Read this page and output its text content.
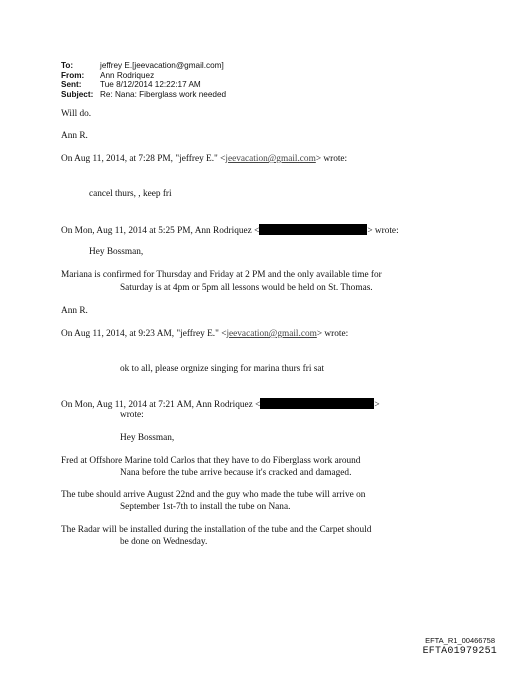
To:	jeffrey E.[jeevacation@gmail.com]
From:	Ann Rodriquez
Sent:	Tue 8/12/2014 12:22:17 AM
Subject: Re: Nana: Fiberglass work needed
Will do.
Ann R.
On Aug 11, 2014, at 7:28 PM, "jeffrey E." <jeevacation@gmail.com> wrote:
cancel thurs, , keep fri
On Mon, Aug 11, 2014 at 5:25 PM, Ann Rodriquez <	> wrote:
Hey Bossman,
Mariana is confirmed for Thursday and Friday at 2 PM and the only available time for
Saturday is at 4pm or 5pm all lessons would be held on St. Thomas.
Ann R.
On Aug 11, 2014, at 9:23 AM, "jeffrey E." <jeevacation@gmail.com> wrote:
ok to all, please orgnize singing for marina thurs fri sat
On Mon, Aug 11, 2014 at 7:21 AM, Ann Rodriquez <	>
wrote:
Hey Bossman,
Fred at Offshore Marine told Carlos that they have to do Fiberglass work around
Nana before the tube arrive because it's cracked and damaged.
The tube should arrive August 22nd and the guy who made the tube will arrive on
September 1st-7th to install the tube on Nana.
The Radar will be installed during the installation of the tube and the Carpet should
be done on Wednesday.
EFTA_R1_00466758
EFTA01979251
